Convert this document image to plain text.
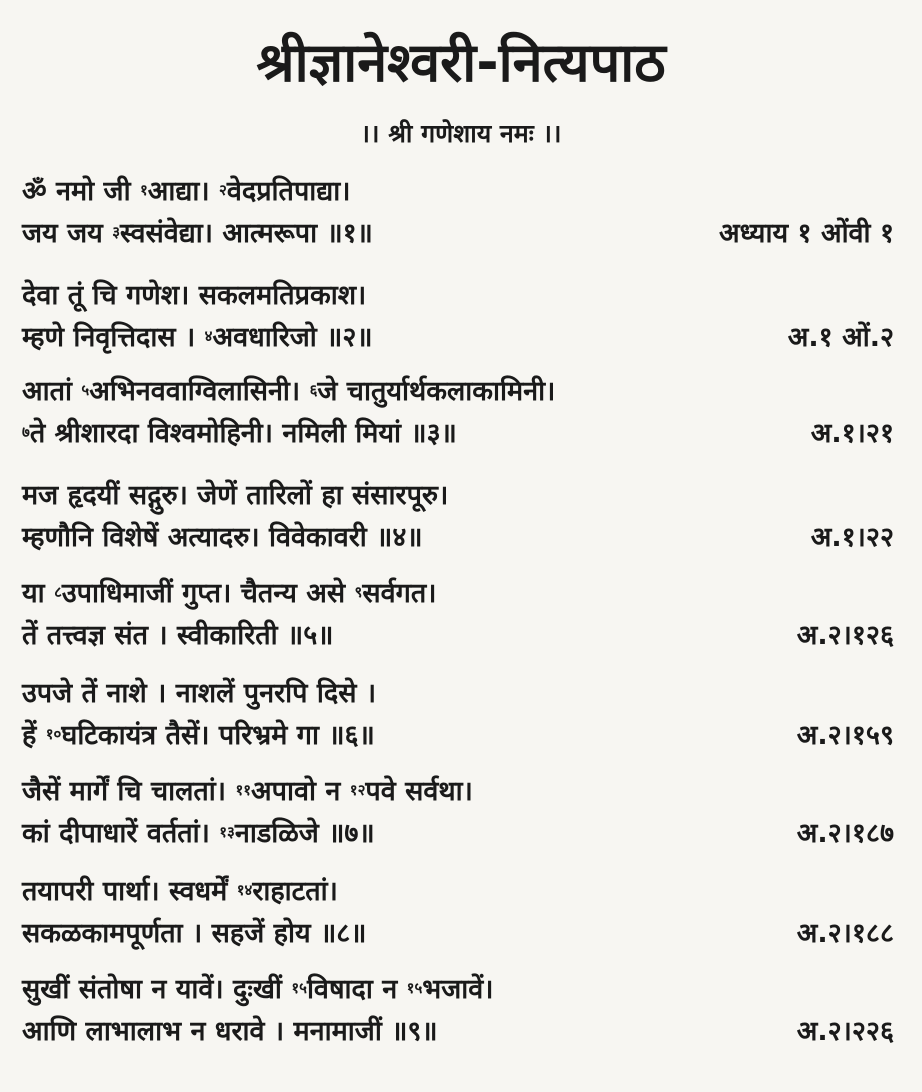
श्रीज्ञानेश्वरी-नित्यपाठ
।। श्री गणेशाय नमः ।।
ॐ नमो जी $^१$आद्या। $^२$वेदप्रतिपाद्या।
जय जय $^३$स्वसंवेद्या। आत्मरूपा ॥१॥	अध्याय १ ओंवी १
देवा तूं चि गणेश। सकलमतिप्रकाश।
म्हणे निवृत्तिदास । $^४$अवधारिजो ॥२॥	अ.१ ओं.२
आतां $^५$अभिनववाग्विलासिनी। $^६$जे चातुर्यार्थकलाकामिनी।
$^७$ते श्रीशारदा विश्वमोहिनी। नमिली मियां ॥३॥	अ.१।२१
मज हृदयीं सद्गुरु। जेणें तारिलों हा संसारपूरु।
म्हणौनि विशेषें अत्यादरु। विवेकावरी ॥४॥	अ.१।२२
या $^८$उपाधिमाजीं गुप्त। चैतन्य असे $^९$सर्वगत।
तें तत्त्वज्ञ संत । स्वीकारिती ॥५॥	अ.२।१२६
उपजे तें नाशे । नाशलें पुनरपि दिसे ।
हें $^{१०}$घटिकायंत्र तैसें। परिभ्रमे गा ॥६॥	अ.२।१५९
जैसें मार्गें चि चालतां। $^{११}$अपावो न $^{१२}$पवे सर्वथा।
कां दीपाधारें वर्ततां। $^{१३}$नाडळिजे ॥७॥	अ.२।१८७
तयापरी पार्था। स्वधर्में $^{१४}$राहाटतां।
सकळकामपूर्णता । सहजें होय ॥८॥	अ.२।१८८
सुखीं संतोषा न यावें। दुःखीं $^{१५}$विषादा न $^{१५}$भजावें।
आणि लाभालाभ न धरावे । मनामाजीं ॥९॥	अ.२।२२६
